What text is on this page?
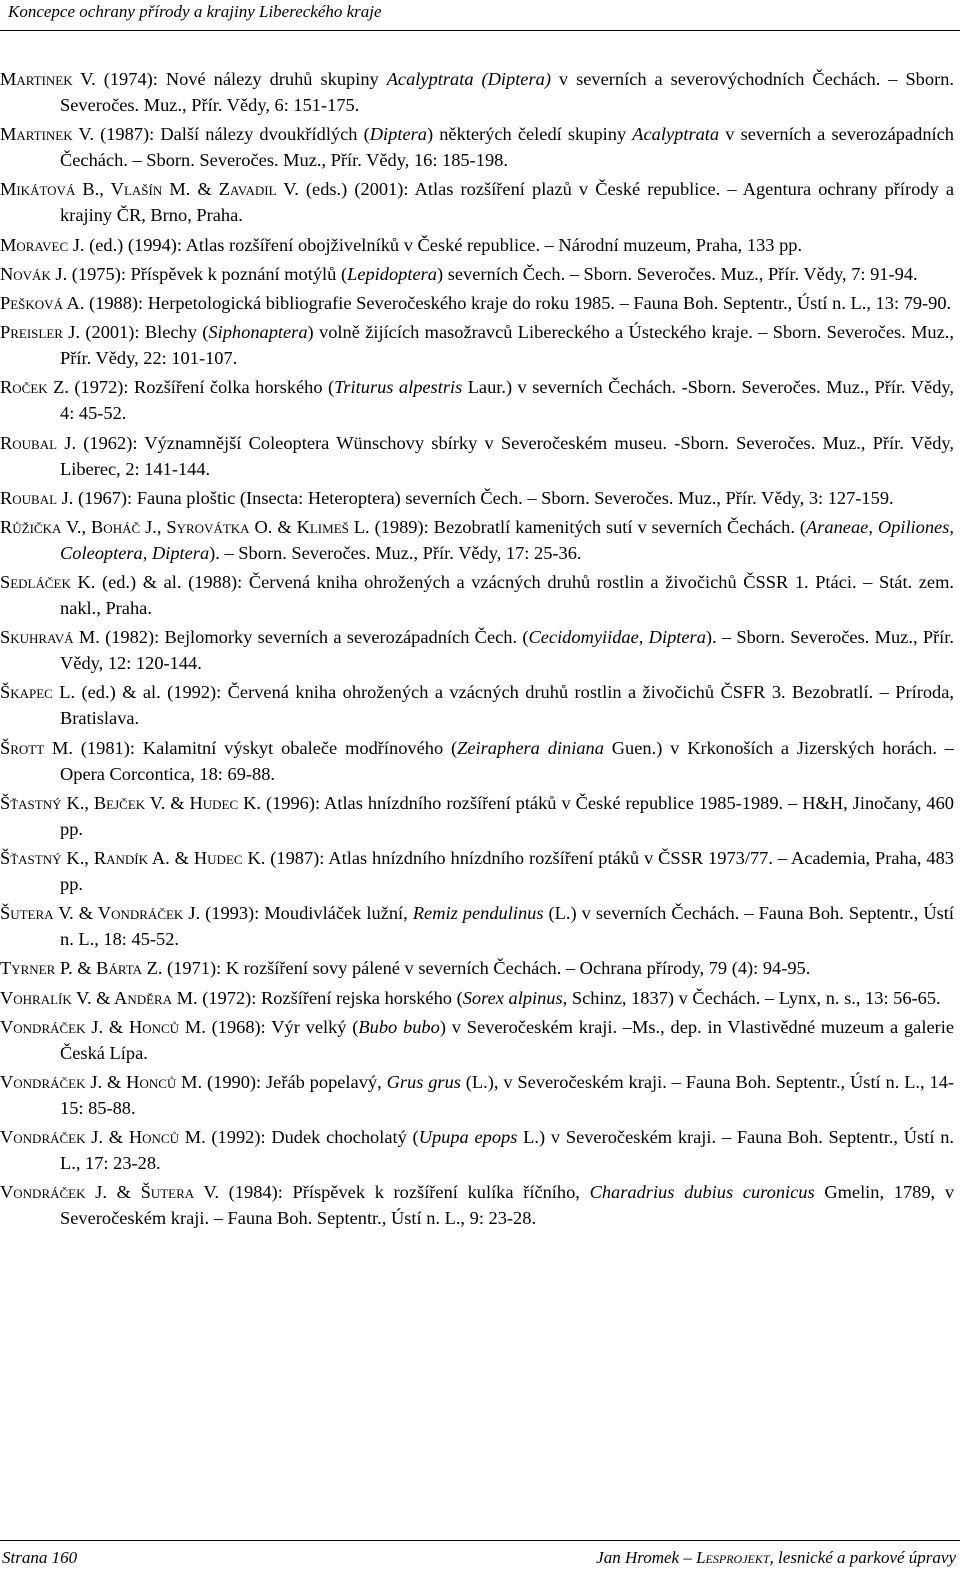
Koncepce ochrany přírody a krajiny Libereckého kraje

Martinek V. (1974): Nové nálezy druhů skupiny Acalyptrata (Diptera) v severních a severovýchodních Čechách. – Sborn. Severočes. Muz., Přír. Vědy, 6: 151-175.

Martinek V. (1987): Další nálezy dvoukřídlých (Diptera) některých čeledí skupiny Acalyptrata v severních a severozápadních Čechách. – Sborn. Severočes. Muz., Přír. Vědy, 16: 185-198.

Mikátová B., Vlašín M. & Zavadil V. (eds.) (2001): Atlas rozšíření plazů v České republice. – Agentura ochrany přírody a krajiny ČR, Brno, Praha.

Moravec J. (ed.) (1994): Atlas rozšíření obojživelníků v České republice. – Národní muzeum, Praha, 133 pp.

Novák J. (1975): Příspěvek k poznání motýlů (Lepidoptera) severních Čech. – Sborn. Severočes. Muz., Přír. Vědy, 7: 91-94.

Pešková A. (1988): Herpetologická bibliografie Severočeského kraje do roku 1985. – Fauna Boh. Septentr., Ústí n. L., 13: 79-90.

Preisler J. (2001): Blechy (Siphonaptera) volně žijících masožravců Libereckého a Ústeckého kraje. – Sborn. Severočes. Muz., Přír. Vědy, 22: 101-107.

Roček Z. (1972): Rozšíření čolka horského (Triturus alpestris Laur.) v severních Čechách. -Sborn. Severočes. Muz., Přír. Vědy, 4: 45-52.

Roubal J. (1962): Významnější Coleoptera Wünschovy sbírky v Severočeském museu. -Sborn. Severočes. Muz., Přír. Vědy, Liberec, 2: 141-144.

Roubal J. (1967): Fauna ploštic (Insecta: Heteroptera) severních Čech. – Sborn. Severočes. Muz., Přír. Vědy, 3: 127-159.

Růžička V., Boháč J., Syrovátka O. & Klimeš L. (1989): Bezobratlí kamenitých sutí v severních Čechách. (Araneae, Opiliones, Coleoptera, Diptera). – Sborn. Severočes. Muz., Přír. Vědy, 17: 25-36.

Sedláček K. (ed.) & al. (1988): Červená kniha ohrožených a vzácných druhů rostlin a živočichů ČSSR 1. Ptáci. – Stát. zem. nakl., Praha.

Skuhravá M. (1982): Bejlomorky severních a severozápadních Čech. (Cecidomyiidae, Diptera). – Sborn. Severočes. Muz., Přír. Vědy, 12: 120-144.

Škapec L. (ed.) & al. (1992): Červená kniha ohrožených a vzácných druhů rostlin a živočichů ČSFR 3. Bezobratlí. – Príroda, Bratislava.

Šrott M. (1981): Kalamitní výskyt obaleče modřínového (Zeiraphera diniana Guen.) v Krkonoších a Jizerských horách. – Opera Corcontica, 18: 69-88.

Šťastný K., Bejček V. & Hudec K. (1996): Atlas hnízdního rozšíření ptáků v České republice 1985-1989. – H&H, Jinočany, 460 pp.

Šťastný K., Randík A. & Hudec K. (1987): Atlas hnízdního hnízdního rozšíření ptáků v ČSSR 1973/77. – Academia, Praha, 483 pp.

Šutera V. & Vondráček J. (1993): Moudivláček lužní, Remiz pendulinus (L.) v severních Čechách. – Fauna Boh. Septentr., Ústí n. L., 18: 45-52.

Tyrner P. & Bárta Z. (1971): K rozšíření sovy pálené v severních Čechách. – Ochrana přírody, 79 (4): 94-95.

Vohralík V. & Anděra M. (1972): Rozšíření rejska horského (Sorex alpinus, Schinz, 1837) v Čechách. – Lynx, n. s., 13: 56-65.

Vondráček J. & Honců M. (1968): Výr velký (Bubo bubo) v Severočeském kraji. –Ms., dep. in Vlastivědné muzeum a galerie Česká Lípa.

Vondráček J. & Honců M. (1990): Jeřáb popelavý, Grus grus (L.), v Severočeském kraji. – Fauna Boh. Septentr., Ústí n. L., 14-15: 85-88.

Vondráček J. & Honců M. (1992): Dudek chocholatý (Upupa epops L.) v Severočeském kraji. – Fauna Boh. Septentr., Ústí n. L., 17: 23-28.

Vondráček J. & Šutera V. (1984): Příspěvek k rozšíření kulíka říčního, Charadrius dubius curonicus Gmelin, 1789, v Severočeském kraji. – Fauna Boh. Septentr., Ústí n. L., 9: 23-28.

Strana 160	Jan Hromek – Lesprojekt, lesnické a parkové úpravy
